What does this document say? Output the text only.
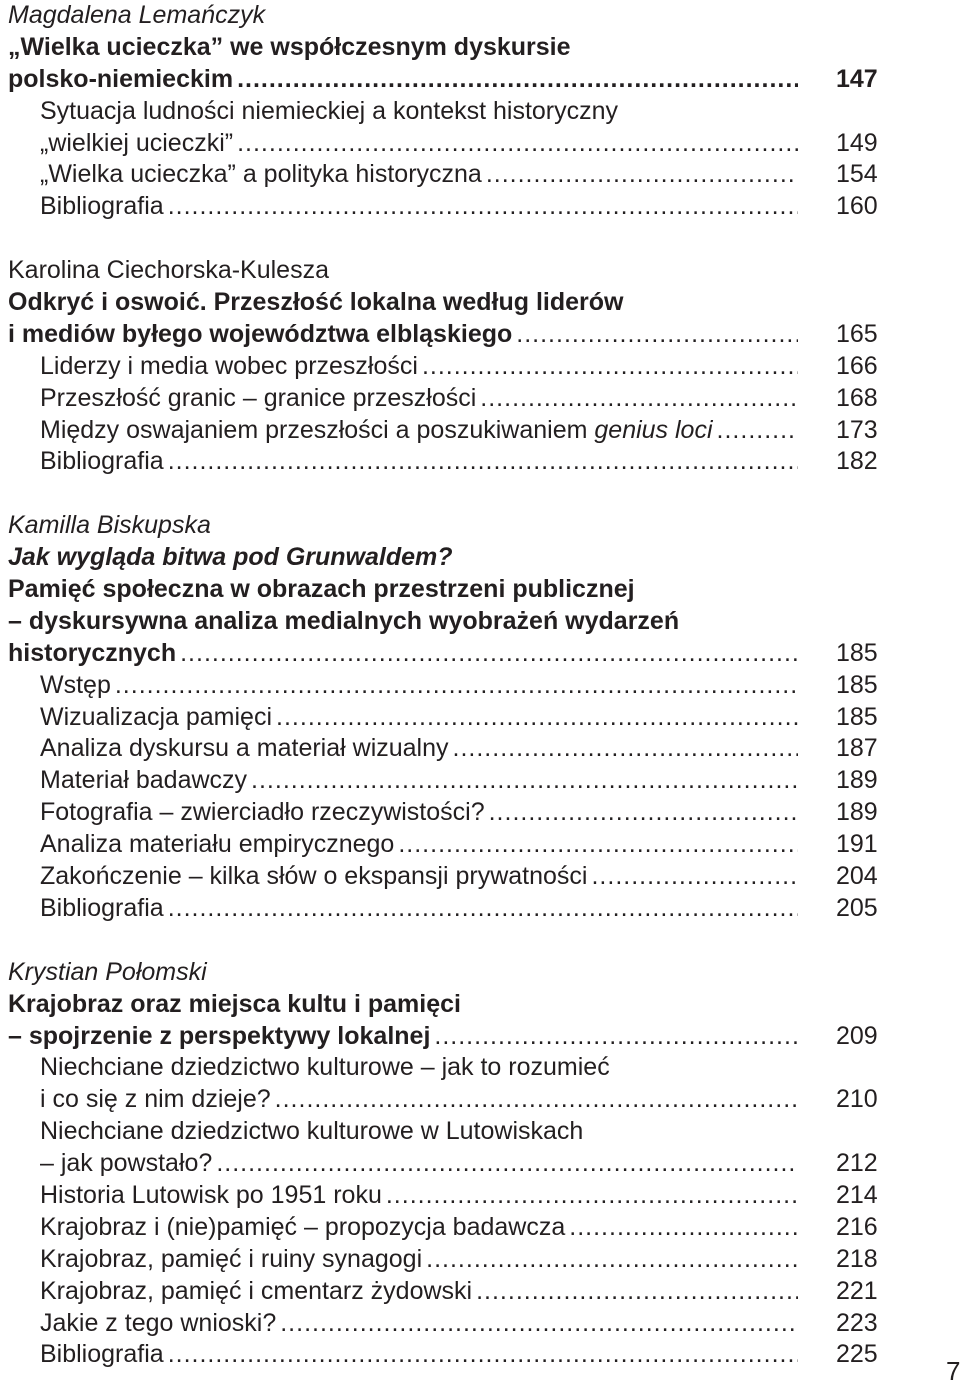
Magdalena Lemańczyk
„Wielka ucieczka” we współczesnym dyskursie
polsko-niemieckim .....	147
Sytuacja ludności niemieckiej a kontekst historyczny
„wielkiej ucieczki” .....	149
„Wielka ucieczka” a polityka historyczna .....	154
Bibliografia .....	160
Karolina Ciechorska-Kulesza
Odkryć i oswoić. Przeszłość lokalna według liderów
i mediów byłego województwa elbląskiego .....	165
Liderzy i media wobec przeszłości .....	166
Przeszłość granic – granice przeszłości .....	168
Między oswajaniem przeszłości a poszukiwaniem genius loci .....	173
Bibliografia .....	182
Kamilla Biskupska
Jak wygląda bitwa pod Grunwaldem?
Pamięć społeczna w obrazach przestrzeni publicznej
– dyskursywna analiza medialnych wyobrażeń wydarzeń
historycznych .....	185
Wstęp .....	185
Wizualizacja pamięci .....	185
Analiza dyskursu a materiał wizualny .....	187
Materiał badawczy .....	189
Fotografia – zwierciadło rzeczywistości? .....	189
Analiza materiału empirycznego .....	191
Zakończenie – kilka słów o ekspansji prywatności .....	204
Bibliografia .....	205
Krystian Połomski
Krajobraz oraz miejsca kultu i pamięci
– spojrzenie z perspektywy lokalnej .....	209
Niechciane dziedzictwo kulturowe – jak to rozumieć
i co się z nim dzieje? .....	210
Niechciane dziedzictwo kulturowe w Lutowiskach
– jak powstało? .....	212
Historia Lutowisk po 1951 roku .....	214
Krajobraz i (nie)pamięć – propozycja badawcza .....	216
Krajobraz, pamięć i ruiny synagogi .....	218
Krajobraz, pamięć i cmentarz żydowski .....	221
Jakie z tego wnioski? .....	223
Bibliografia .....	225
7
